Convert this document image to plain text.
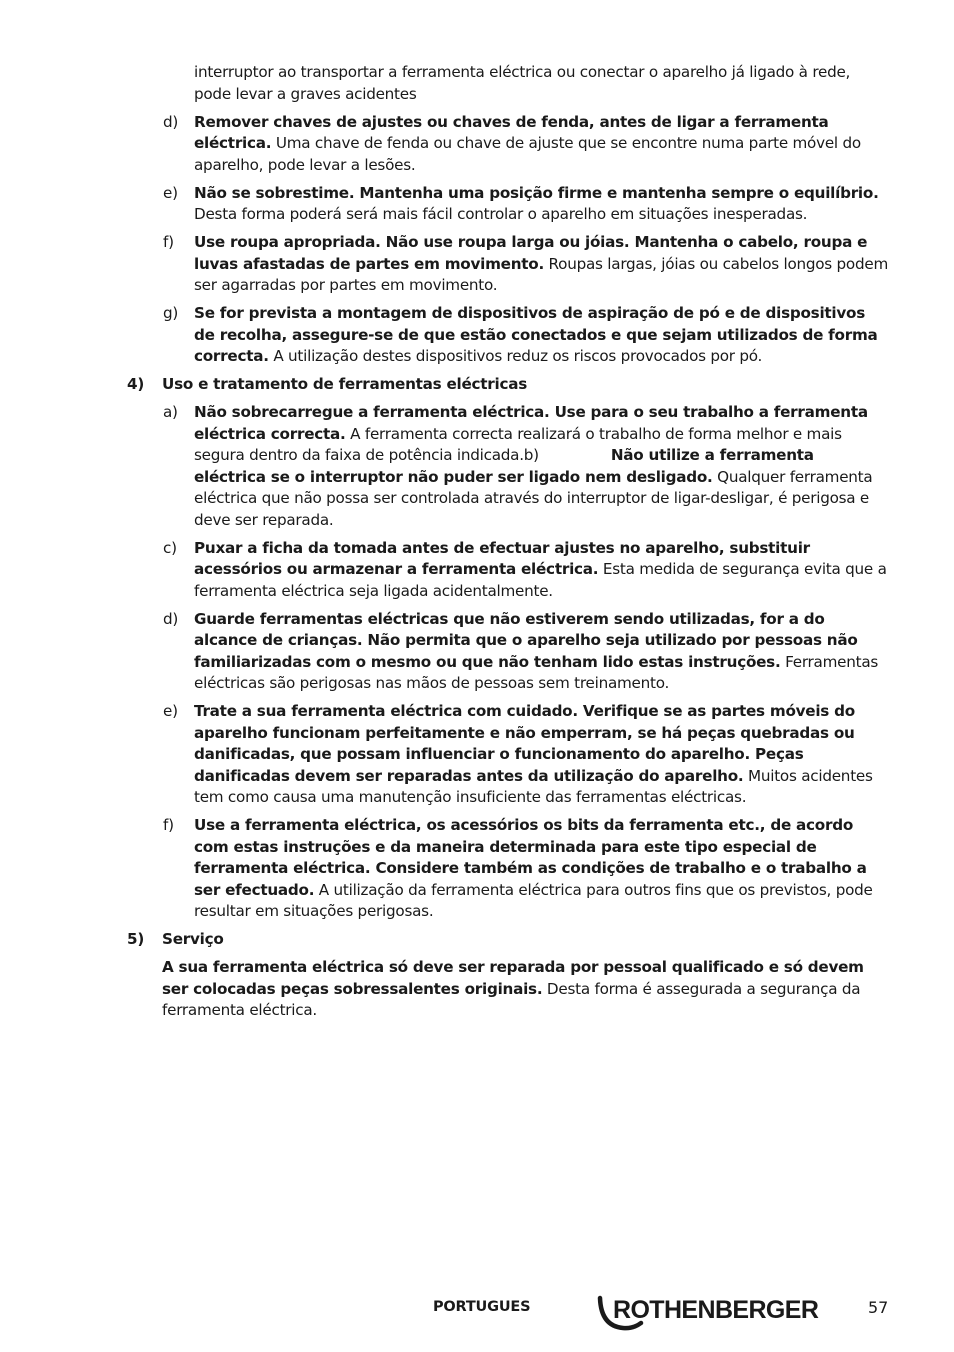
interruptor ao transportar a ferramenta eléctrica ou conectar o aparelho já ligado à rede, pode levar a graves acidentes
d) Remover chaves de ajustes ou chaves de fenda, antes de ligar a ferramenta eléctrica. Uma chave de fenda ou chave de ajuste que se encontre numa parte móvel do aparelho, pode levar a lesões.
e) Não se sobrestime. Mantenha uma posição firme e mantenha sempre o equilíbrio. Desta forma poderá será mais fácil controlar o aparelho em situações inesperadas.
f) Use roupa apropriada. Não use roupa larga ou jóias. Mantenha o cabelo, roupa e luvas afastadas de partes em movimento. Roupas largas, jóias ou cabelos longos podem ser agarradas por partes em movimento.
g) Se for prevista a montagem de dispositivos de aspiração de pó e de dispositivos de recolha, assegure-se de que estão conectados e que sejam utilizados de forma correcta. A utilização destes dispositivos reduz os riscos provocados por pó.
4) Uso e tratamento de ferramentas eléctricas
a) Não sobrecarregue a ferramenta eléctrica. Use para o seu trabalho a ferramenta eléctrica correcta. A ferramenta correcta realizará o trabalho de forma melhor e mais segura dentro da faixa de potência indicada.b)	Não utilize a ferramenta eléctrica se o interruptor não puder ser ligado nem desligado. Qualquer ferramenta eléctrica que não possa ser controlada através do interruptor de ligar-desligar, é perigosa e deve ser reparada.
c) Puxar a ficha da tomada antes de efectuar ajustes no aparelho, substituir acessórios ou armazenar a ferramenta eléctrica. Esta medida de segurança evita que a ferramenta eléctrica seja ligada acidentalmente.
d) Guarde ferramentas eléctricas que não estiverem sendo utilizadas, for a do alcance de crianças. Não permita que o aparelho seja utilizado por pessoas não familiarizadas com o mesmo ou que não tenham lido estas instruções. Ferramentas eléctricas são perigosas nas mãos de pessoas sem treinamento.
e) Trate a sua ferramenta eléctrica com cuidado. Verifique se as partes móveis do aparelho funcionam perfeitamente e não emperram, se há peças quebradas ou danificadas, que possam influenciar o funcionamento do aparelho. Peças danificadas devem ser reparadas antes da utilização do aparelho. Muitos acidentes tem como causa uma manutenção insuficiente das ferramentas eléctricas.
f) Use a ferramenta eléctrica, os acessórios os bits da ferramenta etc., de acordo com estas instruções e da maneira determinada para este tipo especial de ferramenta eléctrica. Considere também as condições de trabalho e o trabalho a ser efectuado. A utilização da ferramenta eléctrica para outros fins que os previstos, pode resultar em situações perigosas.
5) Serviço
A sua ferramenta eléctrica só deve ser reparada por pessoal qualificado e só devem ser colocadas peças sobressalentes originais. Desta forma é assegurada a segurança da ferramenta eléctrica.
PORTUGUES	ROTHENBERGER	57
